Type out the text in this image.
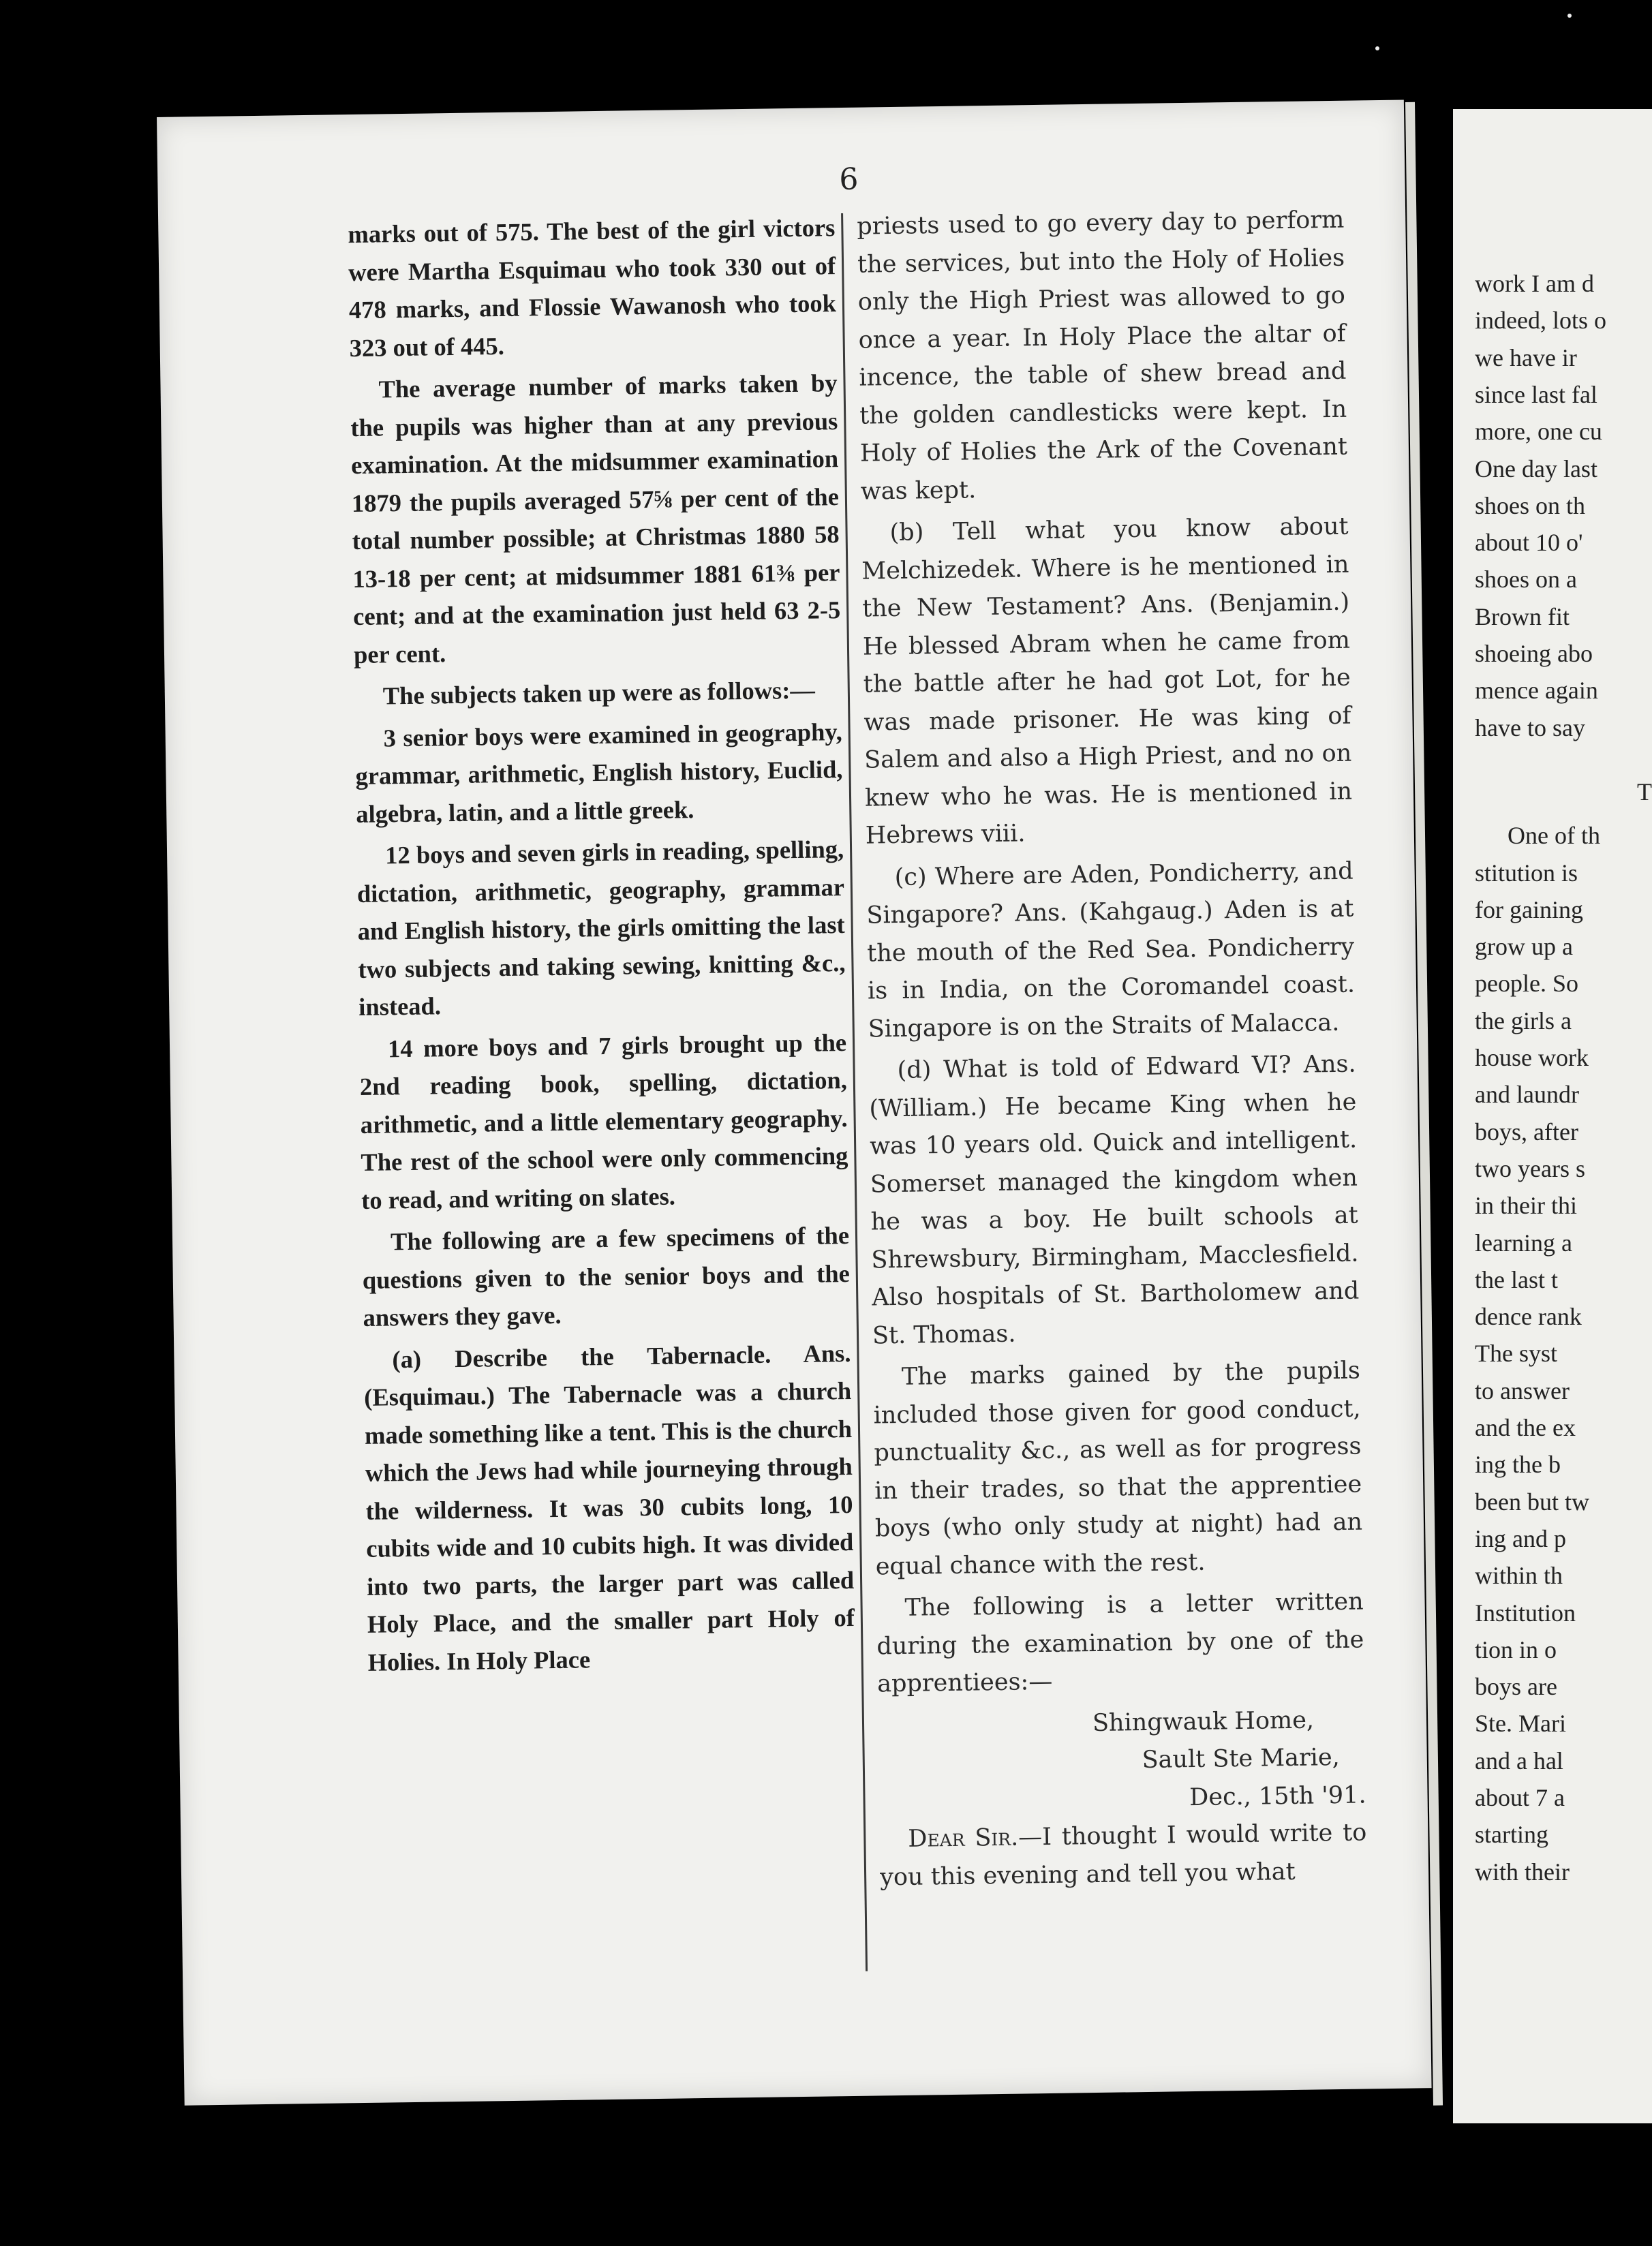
6

marks out of 575. The best of the girl victors were Martha Esquimau who took 330 out of 478 marks, and Flossie Wawanosh who took 323 out of 445.

The average number of marks taken by the pupils was higher than at any previous examination. At the midsummer examination 1879 the pupils averaged 57⅝ per cent of the total number possible; at Christmas 1880 58 13-18 per cent; at midsummer 1881 61⅜ per cent; and at the examination just held 63 2-5 per cent.

The subjects taken up were as follows:—

3 senior boys were examined in geography, grammar, arithmetic, English history, Euclid, algebra, latin, and a little greek.

12 boys and seven girls in reading, spelling, dictation, arithmetic, geography, grammar and English history, the girls omitting the last two subjects and taking sewing, knitting &c., instead.

14 more boys and 7 girls brought up the 2nd reading book, spelling, dictation, arithmetic, and a little elementary geography. The rest of the school were only commencing to read, and writing on slates.

The following are a few specimens of the questions given to the senior boys and the answers they gave.

(a) Describe the Tabernacle. Ans. (Esquimau.) The Tabernacle was a church made something like a tent. This is the church which the Jews had while journeying through the wilderness. It was 30 cubits long, 10 cubits wide and 10 cubits high. It was divided into two parts, the larger part was called Holy Place, and the smaller part Holy of Holies. In Holy Place

priests used to go every day to perform the services, but into the Holy of Holies only the High Priest was allowed to go once a year. In Holy Place the altar of incence, the table of shew bread and the golden candlesticks were kept. In Holy of Holies the Ark of the Covenant was kept.

(b) Tell what you know about Melchizedek. Where is he mentioned in the New Testament? Ans. (Benjamin.) He blessed Abram when he came from the battle after he had got Lot, for he was made prisoner. He was king of Salem and also a High Priest, and no on knew who he was. He is mentioned in Hebrews viii.

(c) Where are Aden, Pondicherry, and Singapore? Ans. (Kahgaug.) Aden is at the mouth of the Red Sea. Pondicherry is in India, on the Coromandel coast. Singapore is on the Straits of Malacca.

(d) What is told of Edward VI? Ans. (William.) He became King when he was 10 years old. Quick and intelligent. Somerset managed the kingdom when he was a boy. He built schools at Shrewsbury, Birmingham, Macclesfield. Also hospitals of St. Bartholomew and St. Thomas.

The marks gained by the pupils included those given for good conduct, punctuality &c., as well as for progress in their trades, so that the apprentiee boys (who only study at night) had an equal chance with the rest.

The following is a letter written during the examination by one of the apprentiees:—

Shingwauk Home,

Sault Ste Marie,

Dec., 15th '91.

Dear Sir.—I thought I would write to you this evening and tell you what

work I am d
indeed, lots o
we have ir
since last fal
more, one cu
One day last
shoes on th
about 10 o'
shoes on a
Brown fit
shoeing abo
mence again
have to say
T
One of th
stitution is
for gaining
grow up a
people. So
the girls a
house work
and laundr
boys, after
two years s
in their thi
learning a
the last t
dence rank
The syst
to answer
and the ex
ing the b
been but tw
ing and p
within th
Institution
tion in o
boys are
Ste. Mari
and a hal
about 7 a
starting
with their
